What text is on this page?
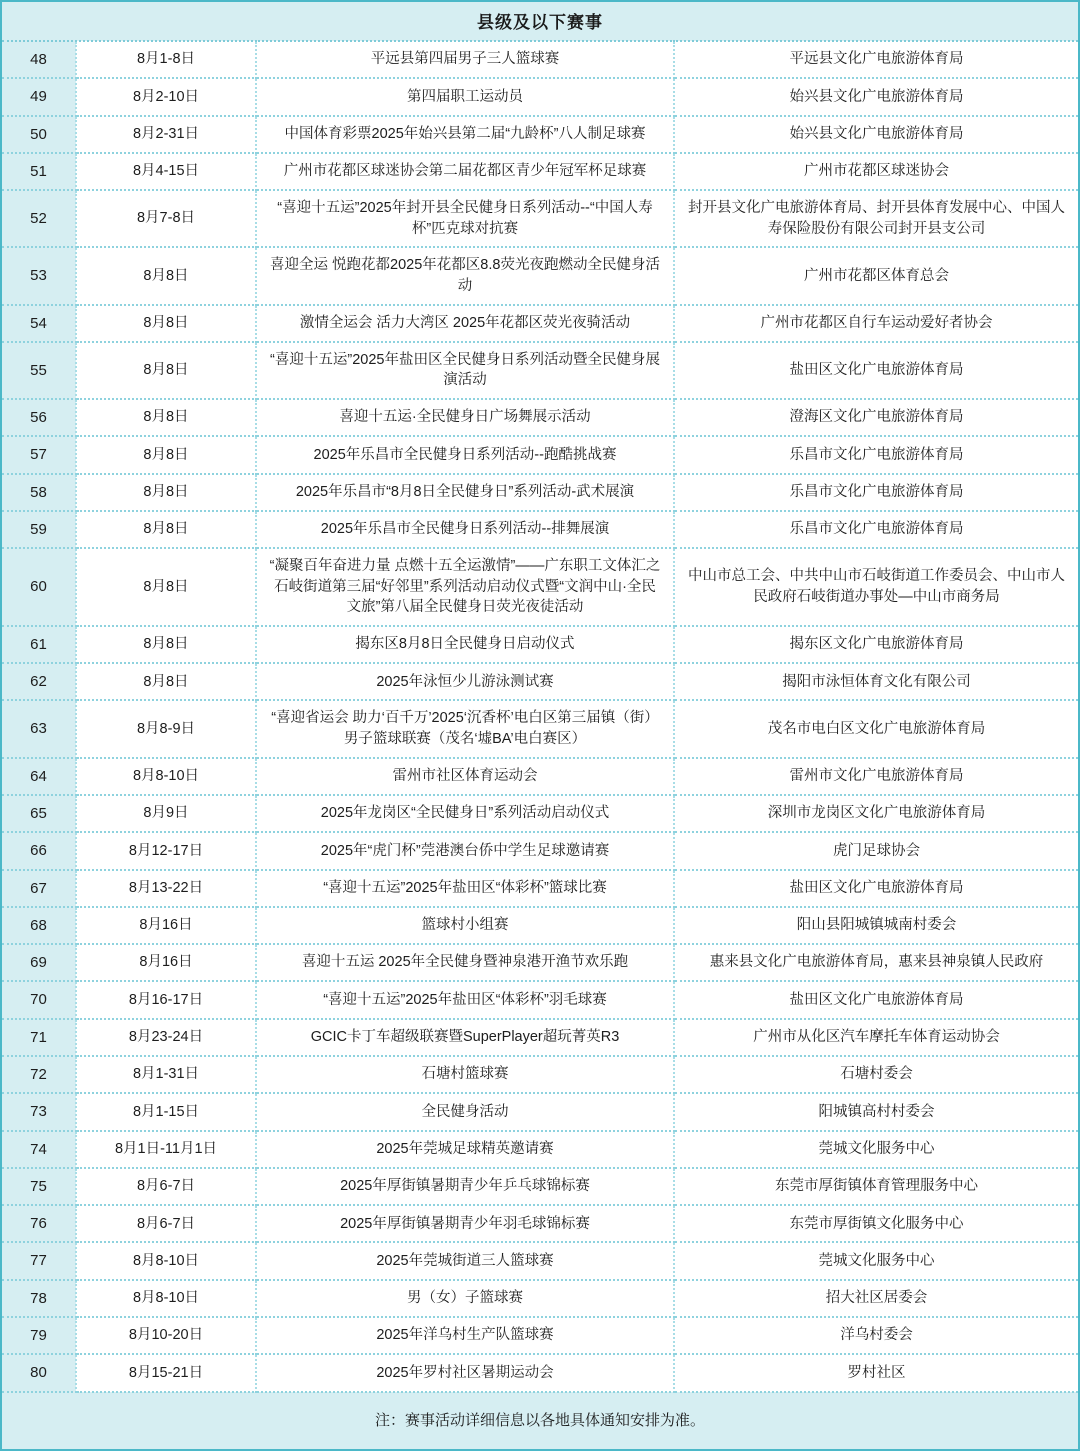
县级及以下赛事			
48	8月1-8日	平远县第四届男子三人篮球赛	平远县文化广电旅游体育局
49	8月2-10日	第四届职工运动员	始兴县文化广电旅游体育局
50	8月2-31日	中国体育彩票2025年始兴县第二届“九龄杯”八人制足球赛	始兴县文化广电旅游体育局
51	8月4-15日	广州市花都区球迷协会第二届花都区青少年冠军杯足球赛	广州市花都区球迷协会
52	8月7-8日	“喜迎十五运”2025年封开县全民健身日系列活动--“中国人寿杯”匹克球对抗赛	封开县文化广电旅游体育局、封开县体育发展中心、中国人寿保险股份有限公司封开县支公司
53	8月8日	喜迎全运 悦跑花都2025年花都区8.8荧光夜跑燃动全民健身活动	广州市花都区体育总会
54	8月8日	激情全运会 活力大湾区 2025年花都区荧光夜骑活动	广州市花都区自行车运动爱好者协会
55	8月8日	“喜迎十五运”2025年盐田区全民健身日系列活动暨全民健身展演活动	盐田区文化广电旅游体育局
56	8月8日	喜迎十五运·全民健身日广场舞展示活动	澄海区文化广电旅游体育局
57	8月8日	2025年乐昌市全民健身日系列活动--跑酷挑战赛	乐昌市文化广电旅游体育局
58	8月8日	2025年乐昌市“8月8日全民健身日”系列活动-武术展演	乐昌市文化广电旅游体育局
59	8月8日	2025年乐昌市全民健身日系列活动--排舞展演	乐昌市文化广电旅游体育局
60	8月8日	“凝聚百年奋进力量 点燃十五全运激情”——广东职工文体汇之石岐街道第三届“好邻里”系列活动启动仪式暨“文润中山·全民文旅”第八届全民健身日荧光夜徒活动	中山市总工会、中共中山市石岐街道工作委员会、中山市人民政府石岐街道办事处—中山市商务局
61	8月8日	揭东区8月8日全民健身日启动仪式	揭东区文化广电旅游体育局
62	8月8日	2025年泳恒少儿游泳测试赛	揭阳市泳恒体育文化有限公司
63	8月8-9日	“喜迎省运会 助力‘百千万’2025‘沉香杯’电白区第三届镇（街）男子篮球联赛（茂名‘墟BA’电白赛区）	茂名市电白区文化广电旅游体育局
64	8月8-10日	雷州市社区体育运动会	雷州市文化广电旅游体育局
65	8月9日	2025年龙岗区“全民健身日”系列活动启动仪式	深圳市龙岗区文化广电旅游体育局
66	8月12-17日	2025年“虎门杯”莞港澳台侨中学生足球邀请赛	虎门足球协会
67	8月13-22日	“喜迎十五运”2025年盐田区“体彩杯”篮球比赛	盐田区文化广电旅游体育局
68	8月16日	篮球村小组赛	阳山县阳城镇城南村委会
69	8月16日	喜迎十五运 2025年全民健身暨神泉港开渔节欢乐跑	惠来县文化广电旅游体育局，惠来县神泉镇人民政府
70	8月16-17日	“喜迎十五运”2025年盐田区“体彩杯”羽毛球赛	盐田区文化广电旅游体育局
71	8月23-24日	GCIC卡丁车超级联赛暨SuperPlayer超玩菁英R3	广州市从化区汽车摩托车体育运动协会
72	8月1-31日	石塘村篮球赛	石塘村委会
73	8月1-15日	全民健身活动	阳城镇高村村委会
74	8月1日-11月1日	2025年莞城足球精英邀请赛	莞城文化服务中心
75	8月6-7日	2025年厚街镇暑期青少年乒乓球锦标赛	东莞市厚街镇体育管理服务中心
76	8月6-7日	2025年厚街镇暑期青少年羽毛球锦标赛	东莞市厚街镇文化服务中心
77	8月8-10日	2025年莞城街道三人篮球赛	莞城文化服务中心
78	8月8-10日	男（女）子篮球赛	招大社区居委会
79	8月10-20日	2025年洋乌村生产队篮球赛	洋乌村委会
80	8月15-21日	2025年罗村社区暑期运动会	罗村社区
注：赛事活动详细信息以各地具体通知安排为准。			
